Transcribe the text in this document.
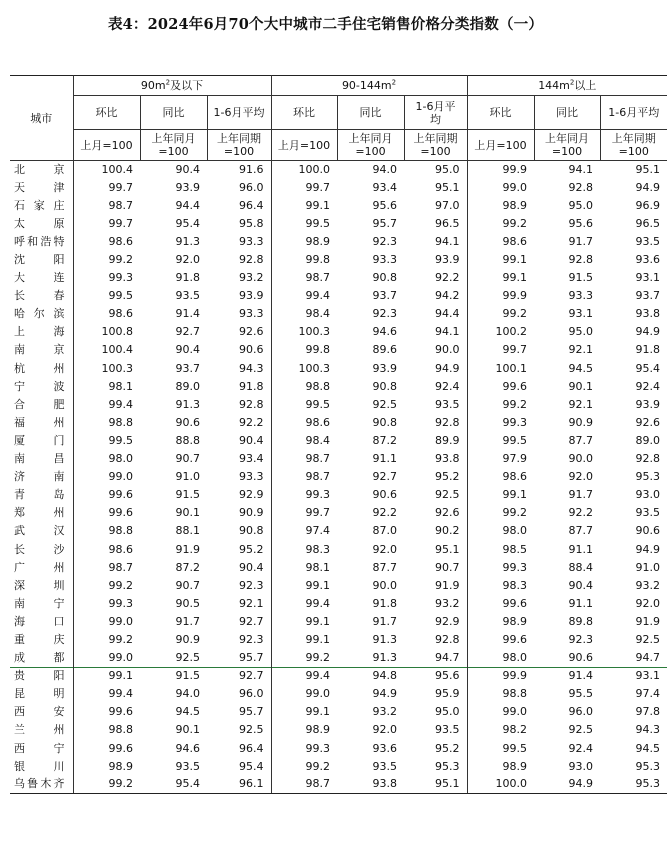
表4：2024年6月70个大中城市二手住宅销售价格分类指数（一）
城市	$90m^2$及以下			$90-144m^2$			$144m^2$以上		
	环比	同比	1-6月平均	环比	同比	1-6月平均	环比	同比	1-6月平均
	上月=100	上年同月=100	上年同期=100	上月=100	上年同月=100	上年同期=100	上月=100	上年同月=100	上年同期=100
北京	100.4	90.4	91.6	100.0	94.0	95.0	99.9	94.1	95.1
天津	99.7	93.9	96.0	99.7	93.4	95.1	99.0	92.8	94.9
石家庄	98.7	94.4	96.4	99.1	95.6	97.0	98.9	95.0	96.9
太原	99.7	95.4	95.8	99.5	95.7	96.5	99.2	95.6	96.5
呼和浩特	98.6	91.3	93.3	98.9	92.3	94.1	98.6	91.7	93.5
沈阳	99.2	92.0	92.8	99.8	93.3	93.9	99.1	92.8	93.6
大连	99.3	91.8	93.2	98.7	90.8	92.2	99.1	91.5	93.1
长春	99.5	93.5	93.9	99.4	93.7	94.2	99.9	93.3	93.7
哈尔滨	98.6	91.4	93.3	98.4	92.3	94.4	99.2	93.1	93.8
上海	100.8	92.7	92.6	100.3	94.6	94.1	100.2	95.0	94.9
南京	100.4	90.4	90.6	99.8	89.6	90.0	99.7	92.1	91.8
杭州	100.3	93.7	94.3	100.3	93.9	94.9	100.1	94.5	95.4
宁波	98.1	89.0	91.8	98.8	90.8	92.4	99.6	90.1	92.4
合肥	99.4	91.3	92.8	99.5	92.5	93.5	99.2	92.1	93.9
福州	98.8	90.6	92.2	98.6	90.8	92.8	99.3	90.9	92.6
厦门	99.5	88.8	90.4	98.4	87.2	89.9	99.5	87.7	89.0
南昌	98.0	90.7	93.4	98.7	91.1	93.8	97.9	90.0	92.8
济南	99.0	91.0	93.3	98.7	92.7	95.2	98.6	92.0	95.3
青岛	99.6	91.5	92.9	99.3	90.6	92.5	99.1	91.7	93.0
郑州	99.6	90.1	90.9	99.7	92.2	92.6	99.2	92.2	93.5
武汉	98.8	88.1	90.8	97.4	87.0	90.2	98.0	87.7	90.6
长沙	98.6	91.9	95.2	98.3	92.0	95.1	98.5	91.1	94.9
广州	98.7	87.2	90.4	98.1	87.7	90.7	99.3	88.4	91.0
深圳	99.2	90.7	92.3	99.1	90.0	91.9	98.3	90.4	93.2
南宁	99.3	90.5	92.1	99.4	91.8	93.2	99.6	91.1	92.0
海口	99.0	91.7	92.7	99.1	91.7	92.9	98.9	89.8	91.9
重庆	99.2	90.9	92.3	99.1	91.3	92.8	99.6	92.3	92.5
成都	99.0	92.5	95.7	99.2	91.3	94.7	98.0	90.6	94.7
贵阳	99.1	91.5	92.7	99.4	94.8	95.6	99.9	91.4	93.1
昆明	99.4	94.0	96.0	99.0	94.9	95.9	98.8	95.5	97.4
西安	99.6	94.5	95.7	99.1	93.2	95.0	99.0	96.0	97.8
兰州	98.8	90.1	92.5	98.9	92.0	93.5	98.2	92.5	94.3
西宁	99.6	94.6	96.4	99.3	93.6	95.2	99.5	92.4	94.5
银川	98.9	93.5	95.4	99.2	93.5	95.3	98.9	93.0	95.3
乌鲁木齐	99.2	95.4	96.1	98.7	93.8	95.1	100.0	94.9	95.3
